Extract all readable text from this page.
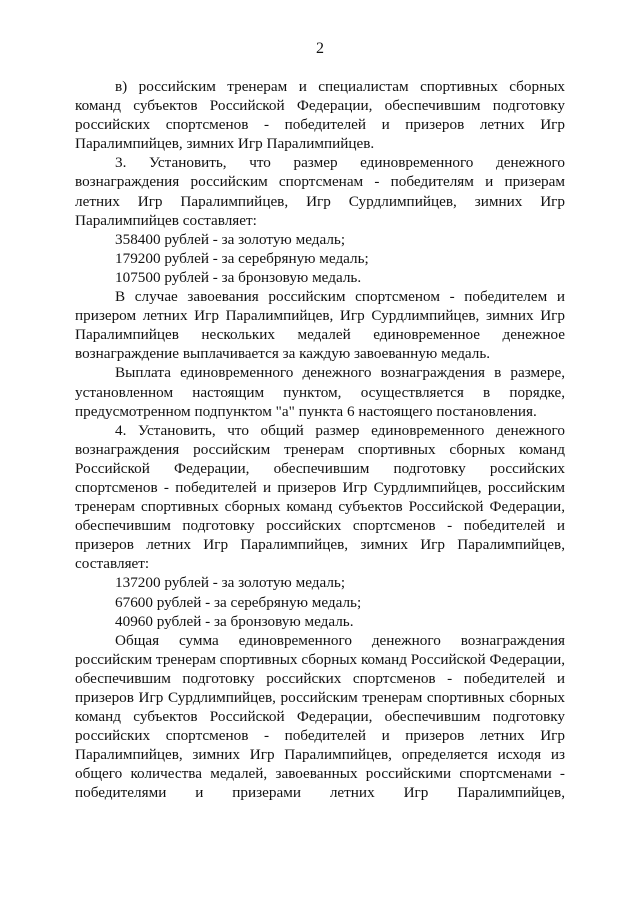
2

в) российским тренерам и специалистам спортивных сборных команд субъектов Российской Федерации, обеспечившим подготовку российских спортсменов - победителей и призеров летних Игр Паралимпийцев, зимних Игр Паралимпийцев.

3. Установить, что размер единовременного денежного вознаграждения российским спортсменам - победителям и призерам летних Игр Паралимпийцев, Игр Сурдлимпийцев, зимних Игр Паралимпийцев составляет:

358400 рублей - за золотую медаль;

179200 рублей - за серебряную медаль;

107500 рублей - за бронзовую медаль.

В случае завоевания российским спортсменом - победителем и призером летних Игр Паралимпийцев, Игр Сурдлимпийцев, зимних Игр Паралимпийцев нескольких медалей единовременное денежное вознаграждение выплачивается за каждую завоеванную медаль.

Выплата единовременного денежного вознаграждения в размере, установленном настоящим пунктом, осуществляется в порядке, предусмотренном подпунктом "а" пункта 6 настоящего постановления.

4. Установить, что общий размер единовременного денежного вознаграждения российским тренерам спортивных сборных команд Российской Федерации, обеспечившим подготовку российских спортсменов - победителей и призеров Игр Сурдлимпийцев, российским тренерам спортивных сборных команд субъектов Российской Федерации, обеспечившим подготовку российских спортсменов - победителей и призеров летних Игр Паралимпийцев, зимних Игр Паралимпийцев, составляет:

137200 рублей - за золотую медаль;

67600 рублей - за серебряную медаль;

40960 рублей - за бронзовую медаль.

Общая сумма единовременного денежного вознаграждения российским тренерам спортивных сборных команд Российской Федерации, обеспечившим подготовку российских спортсменов - победителей и призеров Игр Сурдлимпийцев, российским тренерам спортивных сборных команд субъектов Российской Федерации, обеспечившим подготовку российских спортсменов - победителей и призеров летних Игр Паралимпийцев, зимних Игр Паралимпийцев, определяется исходя из общего количества медалей, завоеванных российскими спортсменами - победителями и призерами летних Игр Паралимпийцев,
